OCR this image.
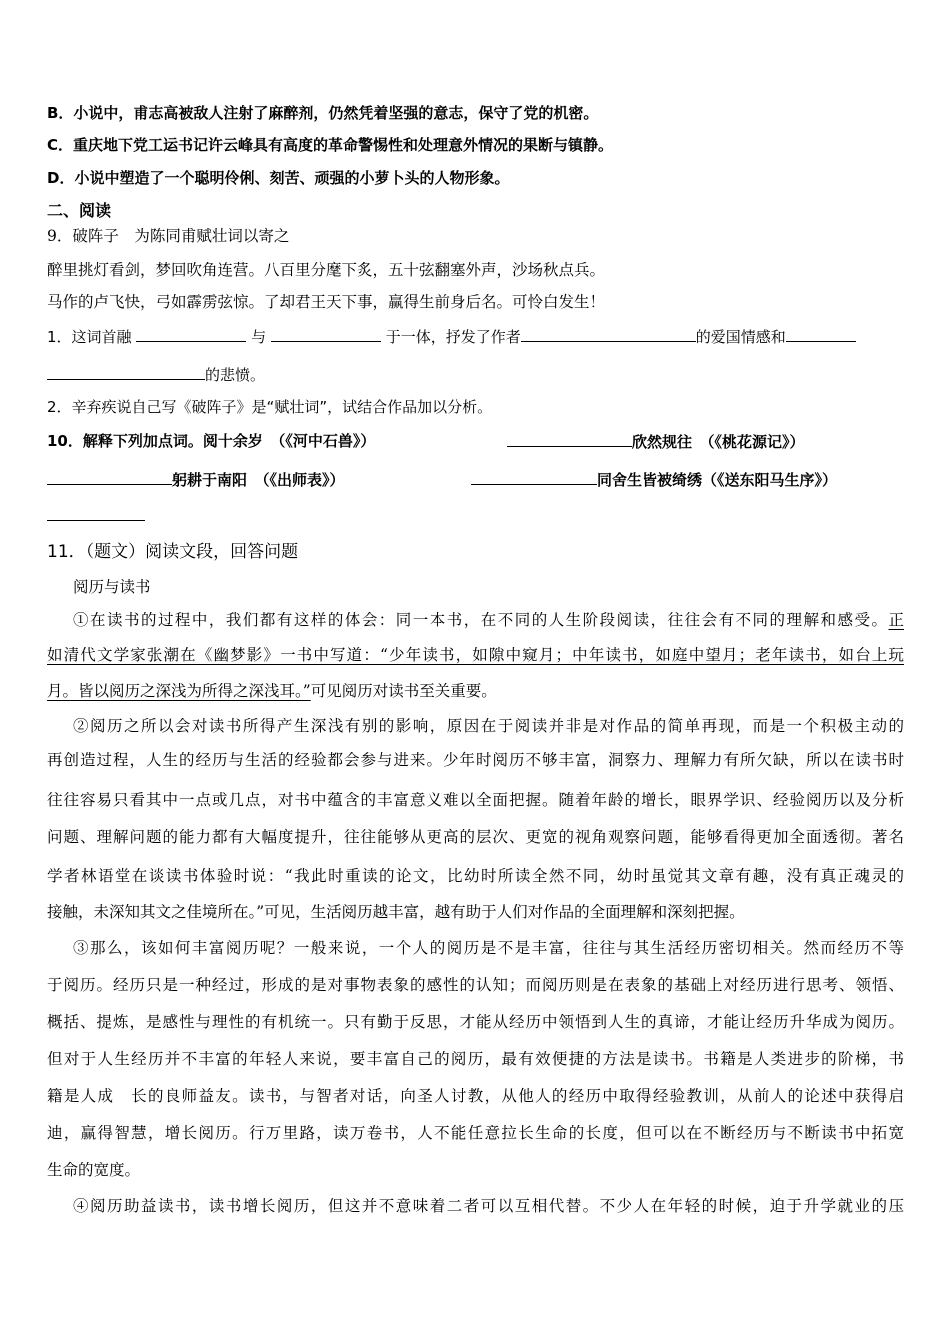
B．小说中，甫志高被敌人注射了麻醉剂，仍然凭着坚强的意志，保守了党的机密。
C．重庆地下党工运书记许云峰具有高度的革命警惕性和处理意外情况的果断与镇静。
D．小说中塑造了一个聪明伶俐、刻苦、顽强的小萝卜头的人物形象。
二、阅读
9．破阵子　为陈同甫赋壮词以寄之
醉里挑灯看剑，梦回吹角连营。八百里分麾下炙，五十弦翻塞外声，沙场秋点兵。
马作的卢飞快，弓如霹雳弦惊。了却君王天下事，赢得生前身后名。可怜白发生！
1．这词首融	与	于一体，抒发了作者	的爱国情感和
的悲愤。
2．辛弃疾说自己写《破阵子》是“赋壮词”，试结合作品加以分析。
10．解释下列加点词。阅十余岁　（《河中石兽》）	欣然规往　（《桃花源记》）
躬耕于南阳　（《出师表》）	同舍生皆被绮绣（《送东阳马生序》）
11．（题文）阅读文段，回答问题
阅历与读书
①在读书的过程中，我们都有这样的体会：同一本书，在不同的人生阶段阅读，往往会有不同的理解和感受。正
如清代文学家张潮在《幽梦影》一书中写道：“少年读书，如隙中窥月；中年读书，如庭中望月；老年读书，如台上玩
月。皆以阅历之深浅为所得之深浅耳。”可见阅历对读书至关重要。
②阅历之所以会对读书所得产生深浅有别的影响，原因在于阅读并非是对作品的简单再现，而是一个积极主动的
再创造过程，人生的经历与生活的经验都会参与进来。少年时阅历不够丰富，洞察力、理解力有所欠缺，所以在读书时
往往容易只看其中一点或几点，对书中蕴含的丰富意义难以全面把握。随着年龄的增长，眼界学识、经验阅历以及分析
问题、理解问题的能力都有大幅度提升，往往能够从更高的层次、更宽的视角观察问题，能够看得更加全面透彻。著名
学者林语堂在谈读书体验时说：“我此时重读的论文，比幼时所读全然不同，幼时虽觉其文章有趣，没有真正魂灵的
接触，未深知其文之佳境所在。”可见，生活阅历越丰富，越有助于人们对作品的全面理解和深刻把握。
③那么，该如何丰富阅历呢？一般来说，一个人的阅历是不是丰富，往往与其生活经历密切相关。然而经历不等
于阅历。经历只是一种经过，形成的是对事物表象的感性的认知；而阅历则是在表象的基础上对经历进行思考、领悟、
概括、提炼，是感性与理性的有机统一。只有勤于反思，才能从经历中领悟到人生的真谛，才能让经历升华成为阅历。
但对于人生经历并不丰富的年轻人来说，要丰富自己的阅历，最有效便捷的方法是读书。书籍是人类进步的阶梯，书
籍是人成　长的良师益友。读书，与智者对话，向圣人讨教，从他人的经历中取得经验教训，从前人的论述中获得启
迪，赢得智慧，增长阅历。行万里路，读万卷书，人不能任意拉长生命的长度，但可以在不断经历与不断读书中拓宽
生命的宽度。
④阅历助益读书，读书增长阅历，但这并不意味着二者可以互相代替。不少人在年轻的时候，迫于升学就业的压
